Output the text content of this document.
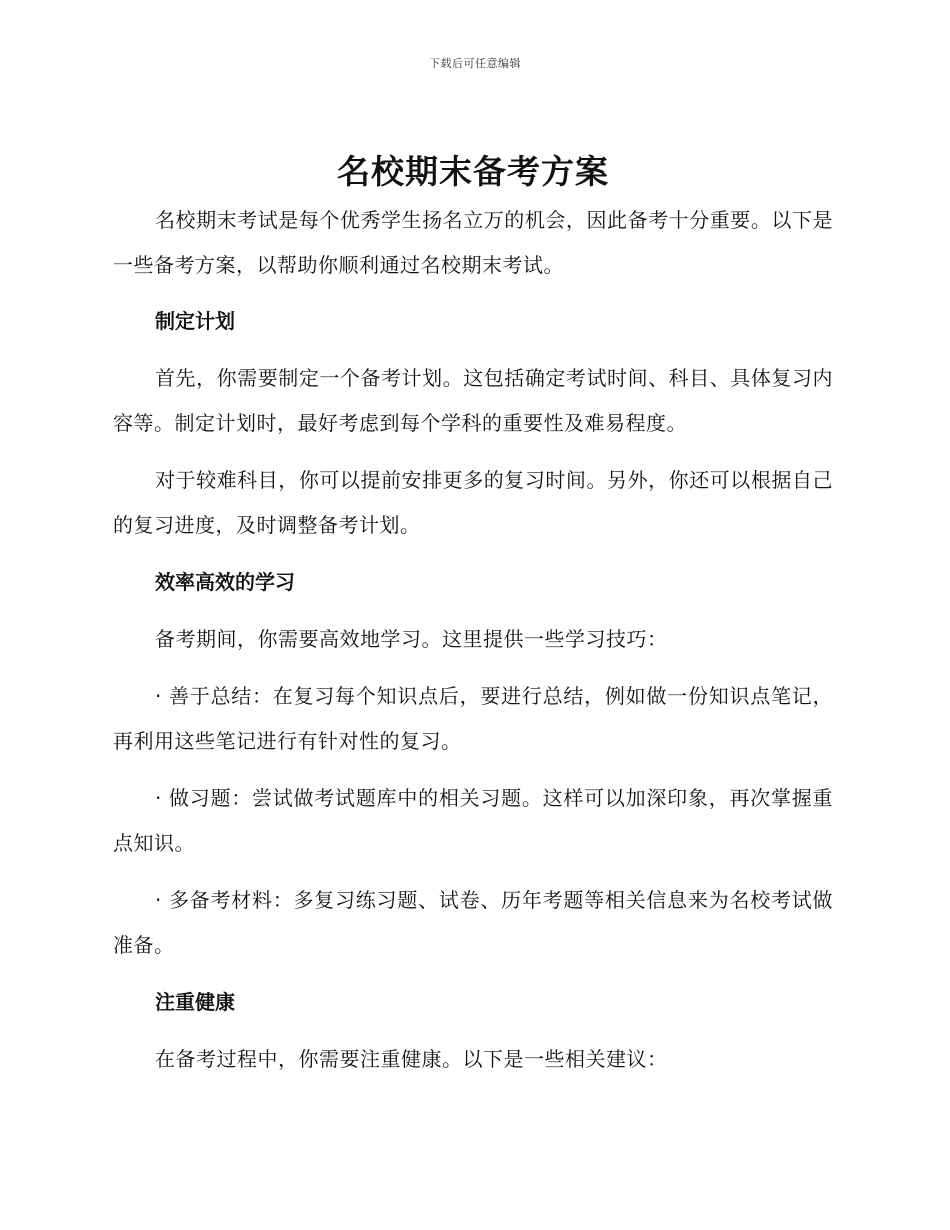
下载后可任意编辑
名校期末备考方案

名校期末考试是每个优秀学生扬名立万的机会，因此备考十分重要。以下是一些备考方案，以帮助你顺利通过名校期末考试。

制定计划

首先，你需要制定一个备考计划。这包括确定考试时间、科目、具体复习内容等。制定计划时，最好考虑到每个学科的重要性及难易程度。

对于较难科目，你可以提前安排更多的复习时间。另外，你还可以根据自己的复习进度，及时调整备考计划。

效率高效的学习

备考期间，你需要高效地学习。这里提供一些学习技巧：

· 善于总结：在复习每个知识点后，要进行总结，例如做一份知识点笔记，再利用这些笔记进行有针对性的复习。

· 做习题：尝试做考试题库中的相关习题。这样可以加深印象，再次掌握重点知识。

· 多备考材料：多复习练习题、试卷、历年考题等相关信息来为名校考试做准备。

注重健康

在备考过程中，你需要注重健康。以下是一些相关建议：
